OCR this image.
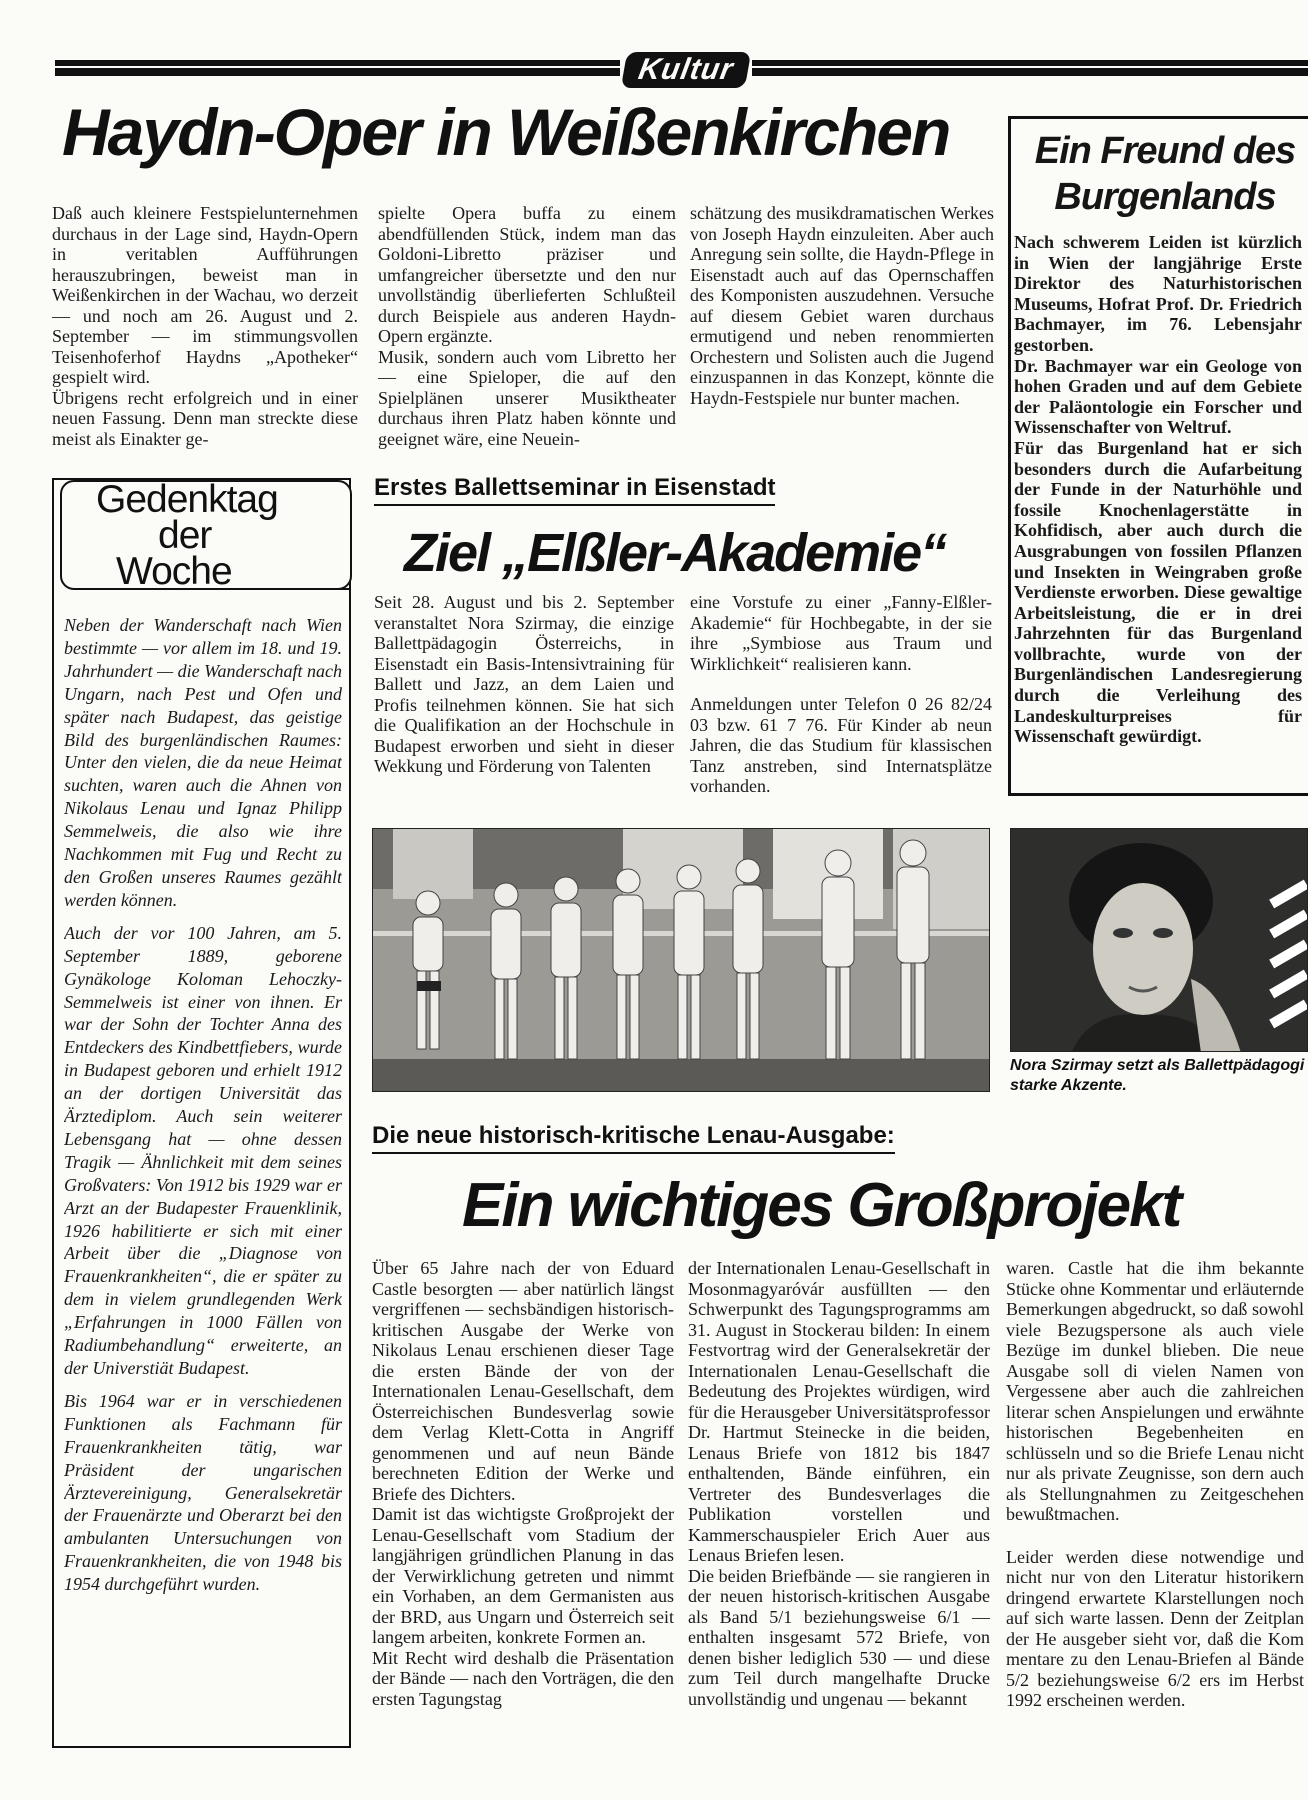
Kultur
Haydn-Oper in Weißenkirchen

Daß auch kleinere Festspielunternehmen durchaus in der Lage sind, Haydn-Opern in veritablen Aufführungen herauszubringen, beweist man in Weißenkirchen in der Wachau, wo derzeit — und noch am 26. August und 2. September — im stimmungsvollen Teisenhoferhof Haydns „Apotheker“ gespielt wird.

Übrigens recht erfolgreich und in einer neuen Fassung. Denn man streckte diese meist als Einakter ge-

spielte Opera buffa zu einem abendfüllenden Stück, indem man das Goldoni-Libretto präziser und umfangreicher übersetzte und den nur unvollständig überlieferten Schlußteil durch Beispiele aus anderen Haydn-Opern ergänzte.

Musik, sondern auch vom Libretto her — eine Spieloper, die auf den Spielplänen unserer Musiktheater durchaus ihren Platz haben könnte und geeignet wäre, eine Neuein-

schätzung des musikdramatischen Werkes von Joseph Haydn einzuleiten. Aber auch Anregung sein sollte, die Haydn-Pflege in Eisenstadt auch auf das Opernschaffen des Komponisten auszudehnen. Versuche auf diesem Gebiet waren durchaus ermutigend und neben renommierten Orchestern und Solisten auch die Jugend einzuspannen in das Konzept, könnte die Haydn-Festspiele nur bunter machen.

Ein Freund des Burgenlands

Nach schwerem Leiden ist kürzlich in Wien der langjährige Erste Direktor des Naturhistorischen Museums, Hofrat Prof. Dr. Friedrich Bachmayer, im 76. Lebensjahr gestorben.

Dr. Bachmayer war ein Geologe von hohen Graden und auf dem Gebiete der Paläontologie ein Forscher und Wissenschafter von Weltruf.

Für das Burgenland hat er sich besonders durch die Aufarbeitung der Funde in der Naturhöhle und fossile Knochenlagerstätte in Kohfidisch, aber auch durch die Ausgrabungen von fossilen Pflanzen und Insekten in Weingraben große Verdienste erworben. Diese gewaltige Arbeitsleistung, die er in drei Jahrzehnten für das Burgenland vollbrachte, wurde von der Burgenländischen Landesregierung durch die Verleihung des Landeskulturpreises für Wissenschaft gewürdigt.

Gedenktag
der
Woche

Neben der Wanderschaft nach Wien bestimmte — vor allem im 18. und 19. Jahrhundert — die Wanderschaft nach Ungarn, nach Pest und Ofen und später nach Budapest, das geistige Bild des burgenländischen Raumes: Unter den vielen, die da neue Heimat suchten, waren auch die Ahnen von Nikolaus Lenau und Ignaz Philipp Semmelweis, die also wie ihre Nachkommen mit Fug und Recht zu den Großen unseres Raumes gezählt werden können.

Auch der vor 100 Jahren, am 5. September 1889, geborene Gynäkologe Koloman Lehoczky-Semmelweis ist einer von ihnen. Er war der Sohn der Tochter Anna des Entdeckers des Kindbettfiebers, wurde in Budapest geboren und erhielt 1912 an der dortigen Universität das Ärztediplom. Auch sein weiterer Lebensgang hat — ohne dessen Tragik — Ähnlichkeit mit dem seines Großvaters: Von 1912 bis 1929 war er Arzt an der Budapester Frauenklinik, 1926 habilitierte er sich mit einer Arbeit über die „Diagnose von Frauenkrankheiten“, die er später zu dem in vielem grundlegenden Werk „Erfahrungen in 1000 Fällen von Radiumbehandlung“ erweiterte, an der Universtiät Budapest.

Bis 1964 war er in verschiedenen Funktionen als Fachmann für Frauenkrankheiten tätig, war Präsident der ungarischen Ärztevereinigung, Generalsekretär der Frauenärzte und Oberarzt bei den ambulanten Untersuchungen von Frauenkrankheiten, die von 1948 bis 1954 durchgeführt wurden.

Erstes Ballettseminar in Eisenstadt
Ziel „Elßler-Akademie“

Seit 28. August und bis 2. September veranstaltet Nora Szirmay, die einzige Ballettpädagogin Österreichs, in Eisenstadt ein Basis-Intensivtraining für Ballett und Jazz, an dem Laien und Profis teilnehmen können. Sie hat sich die Qualifikation an der Hochschule in Budapest erworben und sieht in dieser Wekkung und Förderung von Talenten

eine Vorstufe zu einer „Fanny-Elßler-Akademie“ für Hochbegabte, in der sie ihre „Symbiose aus Traum und Wirklichkeit“ realisieren kann.

Anmeldungen unter Telefon 0 26 82/24 03 bzw. 61 7 76. Für Kinder ab neun Jahren, die das Studium für klassischen Tanz anstreben, sind Internatsplätze vorhanden.

Nora Szirmay setzt als Ballettpädagogi
starke Akzente.
Die neue historisch-kritische Lenau-Ausgabe:
Ein wichtiges Großprojekt

Über 65 Jahre nach der von Eduard Castle besorgten — aber natürlich längst vergriffenen — sechsbändigen historisch-kritischen Ausgabe der Werke von Nikolaus Lenau erschienen dieser Tage die ersten Bände der von der Internationalen Lenau-Gesellschaft, dem Österreichischen Bundesverlag sowie dem Verlag Klett-Cotta in Angriff genommenen und auf neun Bände berechneten Edition der Werke und Briefe des Dichters.

Damit ist das wichtigste Großprojekt der Lenau-Gesellschaft vom Stadium der langjährigen gründlichen Planung in das der Verwirklichung getreten und nimmt ein Vorhaben, an dem Germanisten aus der BRD, aus Ungarn und Österreich seit langem arbeiten, konkrete Formen an.

Mit Recht wird deshalb die Präsentation der Bände — nach den Vorträgen, die den ersten Tagungstag

der Internationalen Lenau-Gesellschaft in Mosonmagyaróvár ausfüllten — den Schwerpunkt des Tagungsprogramms am 31. August in Stockerau bilden: In einem Festvortrag wird der Generalsekretär der Internationalen Lenau-Gesellschaft die Bedeutung des Projektes würdigen, wird für die Herausgeber Universitätsprofessor Dr. Hartmut Steinecke in die beiden, Lenaus Briefe von 1812 bis 1847 enthaltenden, Bände einführen, ein Vertreter des Bundesverlages die Publikation vorstellen und Kammerschauspieler Erich Auer aus Lenaus Briefen lesen.

Die beiden Briefbände — sie rangieren in der neuen historisch-kritischen Ausgabe als Band 5/1 beziehungsweise 6/1 — enthalten insgesamt 572 Briefe, von denen bisher lediglich 530 — und diese zum Teil durch mangelhafte Drucke unvollständig und ungenau — bekannt

waren. Castle hat die ihm bekannte Stücke ohne Kommentar und erläuternde Bemerkungen abgedruckt, so daß sowohl viele Bezugspersone als auch viele Bezüge im dunkel blieben. Die neue Ausgabe soll di vielen Namen von Vergessene aber auch die zahlreichen literar schen Anspielungen und erwähnte historischen Begebenheiten en schlüsseln und so die Briefe Lenau nicht nur als private Zeugnisse, son dern auch als Stellungnahmen zu Zeitgeschehen bewußtmachen.

Leider werden diese notwendige und nicht nur von den Literatur historikern dringend erwartete Klarstellungen noch auf sich warte lassen. Denn der Zeitplan der He ausgeber sieht vor, daß die Kom mentare zu den Lenau-Briefen al Bände 5/2 beziehungsweise 6/2 ers im Herbst 1992 erscheinen werden.
